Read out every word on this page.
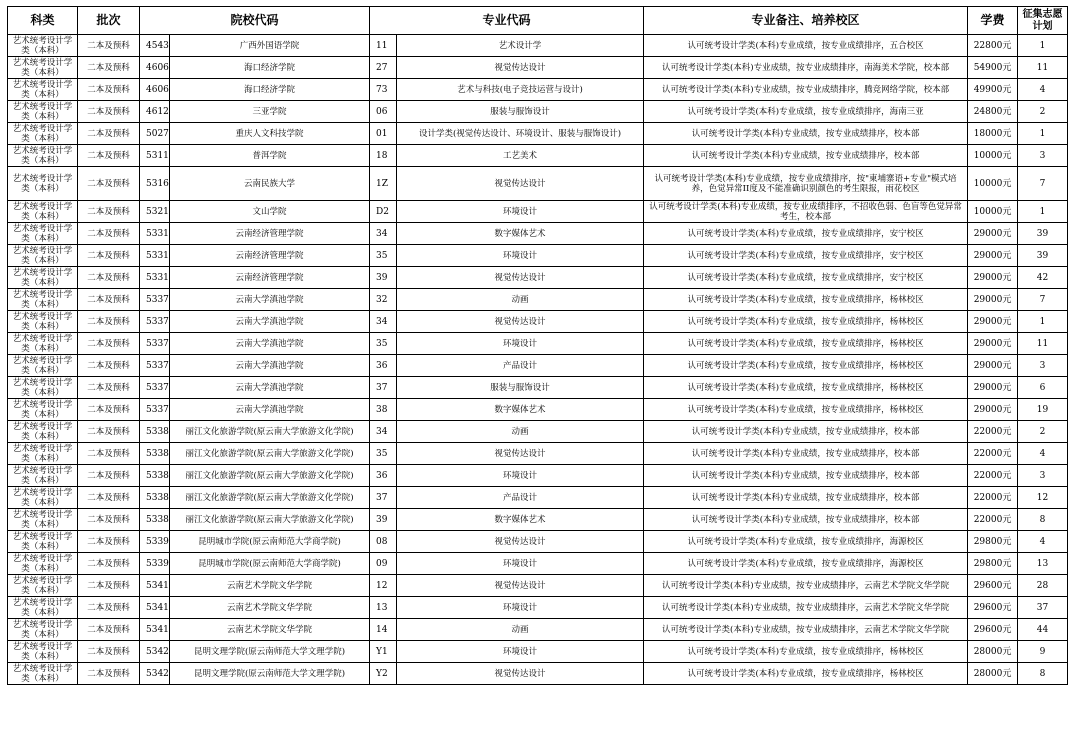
科类	批次	院校代码		专业代码		专业备注、培养校区	学费	征集志愿计划
艺术统考设计学类（本科）	二本及预科	4543	广西外国语学院	11	艺术设计学	认可统考设计学类(本科)专业成绩，按专业成绩排序，五合校区	22800元	1
艺术统考设计学类（本科）	二本及预科	4606	海口经济学院	27	视觉传达设计	认可统考设计学类(本科)专业成绩，按专业成绩排序，南海美术学院，校本部	54900元	11
艺术统考设计学类（本科）	二本及预科	4606	海口经济学院	73	艺术与科技(电子竞技运营与设计)	认可统考设计学类(本科)专业成绩，按专业成绩排序，腾竞网络学院，校本部	49900元	4
艺术统考设计学类（本科）	二本及预科	4612	三亚学院	06	服装与服饰设计	认可统考设计学类(本科)专业成绩，按专业成绩排序，海南三亚	24800元	2
艺术统考设计学类（本科）	二本及预科	5027	重庆人文科技学院	01	设计学类(视觉传达设计、环境设计、服装与服饰设计)	认可统考设计学类(本科)专业成绩，按专业成绩排序，校本部	18000元	1
艺术统考设计学类（本科）	二本及预科	5311	普洱学院	18	工艺美术	认可统考设计学类(本科)专业成绩，按专业成绩排序，校本部	10000元	3
艺术统考设计学类（本科）	二本及预科	5316	云南民族大学	1Z	视觉传达设计	认可统考设计学类(本科)专业成绩，按专业成绩排序，按"東埔寨语+专业"模式培养，色觉异常II度及不能准确识别颜色的考生限报，雨花校区	10000元	7
艺术统考设计学类（本科）	二本及预科	5321	文山学院	D2	环境设计	认可统考设计学类(本科)专业成绩，按专业成绩排序，不招收色弱、色盲等色觉异常考生，校本部	10000元	1
艺术统考设计学类（本科）	二本及预科	5331	云南经济管理学院	34	数字媒体艺术	认可统考设计学类(本科)专业成绩，按专业成绩排序，安宁校区	29000元	39
艺术统考设计学类（本科）	二本及预科	5331	云南经济管理学院	35	环境设计	认可统考设计学类(本科)专业成绩，按专业成绩排序，安宁校区	29000元	39
艺术统考设计学类（本科）	二本及预科	5331	云南经济管理学院	39	视觉传达设计	认可统考设计学类(本科)专业成绩，按专业成绩排序，安宁校区	29000元	42
艺术统考设计学类（本科）	二本及预科	5337	云南大学滇池学院	32	动画	认可统考设计学类(本科)专业成绩，按专业成绩排序，杨林校区	29000元	7
艺术统考设计学类（本科）	二本及预科	5337	云南大学滇池学院	34	视觉传达设计	认可统考设计学类(本科)专业成绩，按专业成绩排序，杨林校区	29000元	1
艺术统考设计学类（本科）	二本及预科	5337	云南大学滇池学院	35	环境设计	认可统考设计学类(本科)专业成绩，按专业成绩排序，杨林校区	29000元	11
艺术统考设计学类（本科）	二本及预科	5337	云南大学滇池学院	36	产品设计	认可统考设计学类(本科)专业成绩，按专业成绩排序，杨林校区	29000元	3
艺术统考设计学类（本科）	二本及预科	5337	云南大学滇池学院	37	服装与服饰设计	认可统考设计学类(本科)专业成绩，按专业成绩排序，杨林校区	29000元	6
艺术统考设计学类（本科）	二本及预科	5337	云南大学滇池学院	38	数字媒体艺术	认可统考设计学类(本科)专业成绩，按专业成绩排序，杨林校区	29000元	19
艺术统考设计学类（本科）	二本及预科	5338	丽江文化旅游学院(原云南大学旅游文化学院)	34	动画	认可统考设计学类(本科)专业成绩，按专业成绩排序，校本部	22000元	2
艺术统考设计学类（本科）	二本及预科	5338	丽江文化旅游学院(原云南大学旅游文化学院)	35	视觉传达设计	认可统考设计学类(本科)专业成绩，按专业成绩排序，校本部	22000元	4
艺术统考设计学类（本科）	二本及预科	5338	丽江文化旅游学院(原云南大学旅游文化学院)	36	环境设计	认可统考设计学类(本科)专业成绩，按专业成绩排序，校本部	22000元	3
艺术统考设计学类（本科）	二本及预科	5338	丽江文化旅游学院(原云南大学旅游文化学院)	37	产品设计	认可统考设计学类(本科)专业成绩，按专业成绩排序，校本部	22000元	12
艺术统考设计学类（本科）	二本及预科	5338	丽江文化旅游学院(原云南大学旅游文化学院)	39	数字媒体艺术	认可统考设计学类(本科)专业成绩，按专业成绩排序，校本部	22000元	8
艺术统考设计学类（本科）	二本及预科	5339	昆明城市学院(原云南师范大学商学院)	08	视觉传达设计	认可统考设计学类(本科)专业成绩，按专业成绩排序，海源校区	29800元	4
艺术统考设计学类（本科）	二本及预科	5339	昆明城市学院(原云南师范大学商学院)	09	环境设计	认可统考设计学类(本科)专业成绩，按专业成绩排序，海源校区	29800元	13
艺术统考设计学类（本科）	二本及预科	5341	云南艺术学院文华学院	12	视觉传达设计	认可统考设计学类(本科)专业成绩，按专业成绩排序，云南艺术学院文华学院	29600元	28
艺术统考设计学类（本科）	二本及预科	5341	云南艺术学院文华学院	13	环境设计	认可统考设计学类(本科)专业成绩，按专业成绩排序，云南艺术学院文华学院	29600元	37
艺术统考设计学类（本科）	二本及预科	5341	云南艺术学院文华学院	14	动画	认可统考设计学类(本科)专业成绩，按专业成绩排序，云南艺术学院文华学院	29600元	44
艺术统考设计学类（本科）	二本及预科	5342	昆明文理学院(原云南师范大学文理学院)	Y1	环境设计	认可统考设计学类(本科)专业成绩，按专业成绩排序，杨林校区	28000元	9
艺术统考设计学类（本科）	二本及预科	5342	昆明文理学院(原云南师范大学文理学院)	Y2	视觉传达设计	认可统考设计学类(本科)专业成绩，按专业成绩排序，杨林校区	28000元	8
